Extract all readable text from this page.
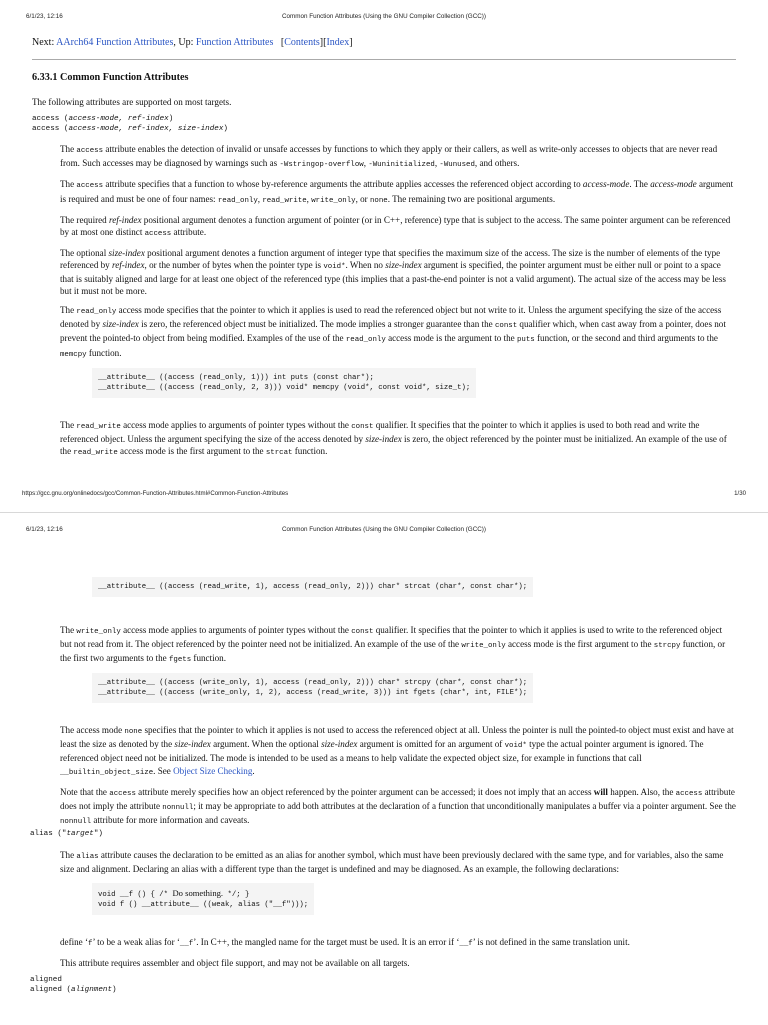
6/1/23, 12:16	Common Function Attributes (Using the GNU Compiler Collection (GCC))
Next: AArch64 Function Attributes, Up: Function Attributes   [Contents][Index]
6.33.1 Common Function Attributes

The following attributes are supported on most targets.

access (access-mode, ref-index)
access (access-mode, ref-index, size-index)

The access attribute enables the detection of invalid or unsafe accesses by functions to which they apply or their callers, as well as write-only accesses to objects that are never read from. Such accesses may be diagnosed by warnings such as -Wstringop-overflow, -Wuninitialized, -Wunused, and others.

The access attribute specifies that a function to whose by-reference arguments the attribute applies accesses the referenced object according to access-mode. The access-mode argument is required and must be one of four names: read_only, read_write, write_only, or none. The remaining two are positional arguments.

The required ref-index positional argument denotes a function argument of pointer (or in C++, reference) type that is subject to the access. The same pointer argument can be referenced by at most one distinct access attribute.

The optional size-index positional argument denotes a function argument of integer type that specifies the maximum size of the access. The size is the number of elements of the type referenced by ref-index, or the number of bytes when the pointer type is void*. When no size-index argument is specified, the pointer argument must be either null or point to a space that is suitably aligned and large for at least one object of the referenced type (this implies that a past-the-end pointer is not a valid argument). The actual size of the access may be less but it must not be more.

The read_only access mode specifies that the pointer to which it applies is used to read the referenced object but not write to it. Unless the argument specifying the size of the access denoted by size-index is zero, the referenced object must be initialized. The mode implies a stronger guarantee than the const qualifier which, when cast away from a pointer, does not prevent the pointed-to object from being modified. Examples of the use of the read_only access mode is the argument to the puts function, or the second and third arguments to the memcpy function.

__attribute__ ((access (read_only, 1))) int puts (const char*);
__attribute__ ((access (read_only, 2, 3))) void* memcpy (void*, const void*, size_t);

The read_write access mode applies to arguments of pointer types without the const qualifier. It specifies that the pointer to which it applies is used to both read and write the referenced object. Unless the argument specifying the size of the access denoted by size-index is zero, the object referenced by the pointer must be initialized. An example of the use of the read_write access mode is the first argument to the strcat function.

https://gcc.gnu.org/onlinedocs/gcc/Common-Function-Attributes.html#Common-Function-Attributes	1/30
6/1/23, 12:16	Common Function Attributes (Using the GNU Compiler Collection (GCC))
__attribute__ ((access (read_write, 1), access (read_only, 2))) char* strcat (char*, const char*);

The write_only access mode applies to arguments of pointer types without the const qualifier. It specifies that the pointer to which it applies is used to write to the referenced object but not read from it. The object referenced by the pointer need not be initialized. An example of the use of the write_only access mode is the first argument to the strcpy function, or the first two arguments to the fgets function.

__attribute__ ((access (write_only, 1), access (read_only, 2))) char* strcpy (char*, const char*);
__attribute__ ((access (write_only, 1, 2), access (read_write, 3))) int fgets (char*, int, FILE*);

The access mode none specifies that the pointer to which it applies is not used to access the referenced object at all. Unless the pointer is null the pointed-to object must exist and have at least the size as denoted by the size-index argument. When the optional size-index argument is omitted for an argument of void* type the actual pointer argument is ignored. The referenced object need not be initialized. The mode is intended to be used as a means to help validate the expected object size, for example in functions that call __builtin_object_size. See Object Size Checking.

Note that the access attribute merely specifies how an object referenced by the pointer argument can be accessed; it does not imply that an access will happen. Also, the access attribute does not imply the attribute nonnull; it may be appropriate to add both attributes at the declaration of a function that unconditionally manipulates a buffer via a pointer argument. See the nonnull attribute for more information and caveats.

alias ("target")

The alias attribute causes the declaration to be emitted as an alias for another symbol, which must have been previously declared with the same type, and for variables, also the same size and alignment. Declaring an alias with a different type than the target is undefined and may be diagnosed. As an example, the following declarations:

void __f () { /* Do something. */; }
void f () __attribute__ ((weak, alias ("__f")));

define ‘f’ to be a weak alias for ‘__f’. In C++, the mangled name for the target must be used. It is an error if ‘__f’ is not defined in the same translation unit.

This attribute requires assembler and object file support, and may not be available on all targets.

aligned
aligned (alignment)
